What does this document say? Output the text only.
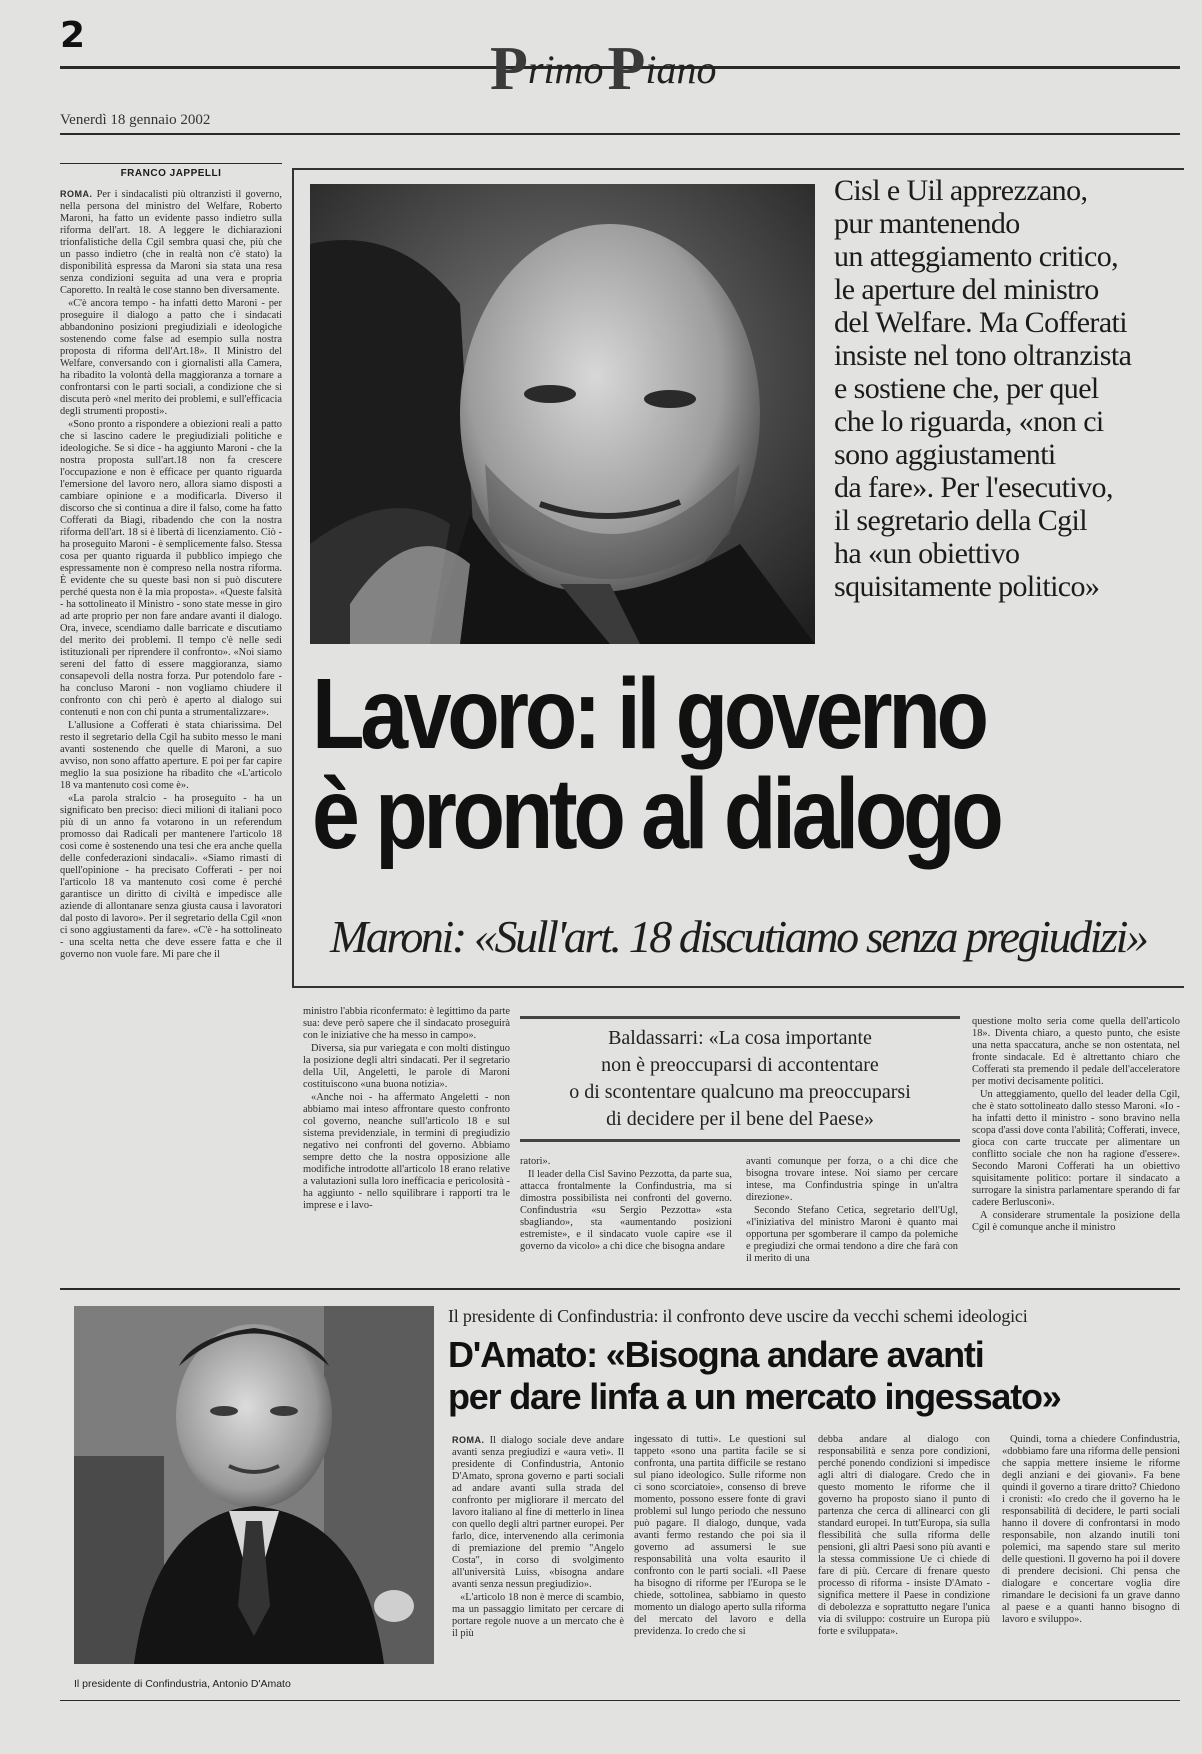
2	Primo Piano
Venerdì 18 gennaio 2002
FRANCO JAPPELLI

ROMA. Per i sindacalisti più oltranzisti il governo, nella persona del ministro del Welfare, Roberto Maroni, ha fatto un evidente passo indietro sulla riforma dell'art. 18. A leggere le dichiarazioni trionfalistiche della Cgil sembra quasi che, più che un passo indietro (che in realtà non c'è stato) la disponibilità espressa da Maroni sia stata una resa senza condizioni seguita ad una vera e propria Caporetto. In realtà le cose stanno ben diversamente.

«C'è ancora tempo - ha infatti detto Maroni - per proseguire il dialogo a patto che i sindacati abbandonino posizioni pregiudiziali e ideologiche sostenendo come false ad esempio sulla nostra proposta di riforma dell'Art.18». Il Ministro del Welfare, conversando con i giornalisti alla Camera, ha ribadito la volontà della maggioranza a tornare a confrontarsi con le parti sociali, a condizione che si discuta però «nel merito dei problemi, e sull'efficacia degli strumenti proposti».

«Sono pronto a rispondere a obiezioni reali a patto che si lascino cadere le pregiudiziali politiche e ideologiche. Se si dice - ha aggiunto Maroni - che la nostra proposta sull'art.18 non fa crescere l'occupazione e non è efficace per quanto riguarda l'emersione del lavoro nero, allora siamo disposti a cambiare opinione e a modificarla. Diverso il discorso che si continua a dire il falso, come ha fatto Cofferati da Biagi, ribadendo che con la nostra riforma dell'art. 18 si è libertà di licenziamento. Ciò - ha proseguito Maroni - è semplicemente falso. Stessa cosa per quanto riguarda il pubblico impiego che espressamente non è compreso nella nostra riforma. È evidente che su queste basi non si può discutere perché questa non è la mia proposta». «Queste falsità - ha sottolineato il Ministro - sono state messe in giro ad arte proprio per non fare andare avanti il dialogo. Ora, invece, scendiamo dalle barricate e discutiamo del merito dei problemi. Il tempo c'è nelle sedi istituzionali per riprendere il confronto». «Noi siamo sereni del fatto di essere maggioranza, siamo consapevoli della nostra forza. Pur potendolo fare - ha concluso Maroni - non vogliamo chiudere il confronto con chi però è aperto al dialogo sui contenuti e non con chi punta a strumentalizzare».

L'allusione a Cofferati è stata chiarissima. Del resto il segretario della Cgil ha subito messo le mani avanti sostenendo che quelle di Maroni, a suo avviso, non sono affatto aperture. E poi per far capire meglio la sua posizione ha ribadito che «L'articolo 18 va mantenuto così come è».

«La parola stralcio - ha proseguito - ha un significato ben preciso: dieci milioni di italiani poco più di un anno fa votarono in un referendum promosso dai Radicali per mantenere l'articolo 18 così come è sostenendo una tesi che era anche quella delle confederazioni sindacali». «Siamo rimasti di quell'opinione - ha precisato Cofferati - per noi l'articolo 18 va mantenuto così come è perché garantisce un diritto di civiltà e impedisce alle aziende di allontanare senza giusta causa i lavoratori dal posto di lavoro». Per il segretario della Cgil «non ci sono aggiustamenti da fare». «C'è - ha sottolineato - una scelta netta che deve essere fatta e che il governo non vuole fare. Mi pare che il

Cisl e Uil apprezzano,
pur mantenendo
un atteggiamento critico,
le aperture del ministro
del Welfare. Ma Cofferati
insiste nel tono oltranzista
e sostiene che, per quel
che lo riguarda, «non ci
sono aggiustamenti
da fare». Per l'esecutivo,
il segretario della Cgil
ha «un obiettivo
squisitamente politico»
Lavoro: il governo
è pronto al dialogo
Maroni: «Sull'art. 18 discutiamo senza pregiudizi»

ministro l'abbia riconfermato: è legittimo da parte sua: deve però sapere che il sindacato proseguirà con le iniziative che ha messo in campo».

Diversa, sia pur variegata e con molti distinguo la posizione degli altri sindacati. Per il segretario della Uil, Angeletti, le parole di Maroni costituiscono «una buona notizia».

«Anche noi - ha affermato Angeletti - non abbiamo mai inteso affrontare questo confronto col governo, neanche sull'articolo 18 e sul sistema previdenziale, in termini di pregiudizio negativo nei confronti del governo. Abbiamo sempre detto che la nostra opposizione alle modifiche introdotte all'articolo 18 erano relative a valutazioni sulla loro inefficacia e pericolosità - ha aggiunto - nello squilibrare i rapporti tra le imprese e i lavo-

Baldassarri: «La cosa importante
non è preoccuparsi di accontentare
o di scontentare qualcuno ma preoccuparsi
di decidere per il bene del Paese»

ratori».

Il leader della Cisl Savino Pezzotta, da parte sua, attacca frontalmente la Confindustria, ma si dimostra possibilista nei confronti del governo. Confindustria «su Sergio Pezzotta» «sta sbagliando», sta «aumentando posizioni estremiste», e il sindacato vuole capire «se il governo da vicolo» a chi dice che bisogna andare

avanti comunque per forza, o a chi dice che bisogna trovare intese. Noi siamo per cercare intese, ma Confindustria spinge in un'altra direzione».

Secondo Stefano Cetica, segretario dell'Ugl, «l'iniziativa del ministro Maroni è quanto mai opportuna per sgomberare il campo da polemiche e pregiudizi che ormai tendono a dire che farà con il merito di una

questione molto seria come quella dell'articolo 18». Diventa chiaro, a questo punto, che esiste una netta spaccatura, anche se non ostentata, nel fronte sindacale. Ed è altrettanto chiaro che Cofferati sta premendo il pedale dell'acceleratore per motivi decisamente politici.

Un atteggiamento, quello del leader della Cgil, che è stato sottolineato dallo stesso Maroni. «Io - ha infatti detto il ministro - sono bravino nella scopa d'assi dove conta l'abilità; Cofferati, invece, gioca con carte truccate per alimentare un conflitto sociale che non ha ragione d'essere». Secondo Maroni Cofferati ha un obiettivo squisitamente politico: portare il sindacato a surrogare la sinistra parlamentare sperando di far cadere Berlusconi».

A considerare strumentale la posizione della Cgil è comunque anche il ministro

Il presidente di Confindustria, Antonio D'Amato
Il presidente di Confindustria: il confronto deve uscire da vecchi schemi ideologici
D'Amato: «Bisogna andare avanti
per dare linfa a un mercato ingessato»

ROMA. Il dialogo sociale deve andare avanti senza pregiudizi e «aura veti». Il presidente di Confindustria, Antonio D'Amato, sprona governo e parti sociali ad andare avanti sulla strada del confronto per migliorare il mercato del lavoro italiano al fine di metterlo in linea con quello degli altri partner europei. Per farlo, dice, intervenendo alla cerimonia di premiazione del premio "Angelo Costa", in corso di svolgimento all'università Luiss, «bisogna andare avanti senza nessun pregiudizio».

«L'articolo 18 non è merce di scambio, ma un passaggio limitato per cercare di portare regole nuove a un mercato che è il più

ingessato di tutti». Le questioni sul tappeto «sono una partita facile se si confronta, una partita difficile se restano sul piano ideologico. Sulle riforme non ci sono scorciatoie», consenso di breve momento, possono essere fonte di gravi problemi sul lungo periodo che nessuno può pagare. Il dialogo, dunque, vada avanti fermo restando che poi sia il governo ad assumersi le sue responsabilità una volta esaurito il confronto con le parti sociali. «Il Paese ha bisogno di riforme per l'Europa se le chiede, sottolinea, sabbiamo in questo momento un dialogo aperto sulla riforma del mercato del lavoro e della previdenza. Io credo che si

debba andare al dialogo con responsabilità e senza pore condizioni, perché ponendo condizioni si impedisce agli altri di dialogare. Credo che in questo momento le riforme che il governo ha proposto siano il punto di partenza che cerca di allinearci con gli standard europei. In tutt'Europa, sia sulla flessibilità che sulla riforma delle pensioni, gli altri Paesi sono più avanti e la stessa commissione Ue ci chiede di fare di più. Cercare di frenare questo processo di riforma - insiste D'Amato - significa mettere il Paese in condizione di debolezza e soprattutto negare l'unica via di sviluppo: costruire un Europa più forte e sviluppata».

Quindi, torna a chiedere Confindustria, «dobbiamo fare una riforma delle pensioni che sappia mettere insieme le riforme degli anziani e dei giovani». Fa bene quindi il governo a tirare dritto? Chiedono i cronisti: «Io credo che il governo ha le responsabilità di decidere, le parti sociali hanno il dovere di confrontarsi in modo responsabile, non alzando inutili toni polemici, ma sapendo stare sul merito delle questioni. Il governo ha poi il dovere di prendere decisioni. Chi pensa che dialogare e concertare voglia dire rimandare le decisioni fa un grave danno al paese e a quanti hanno bisogno di lavoro e sviluppo».
